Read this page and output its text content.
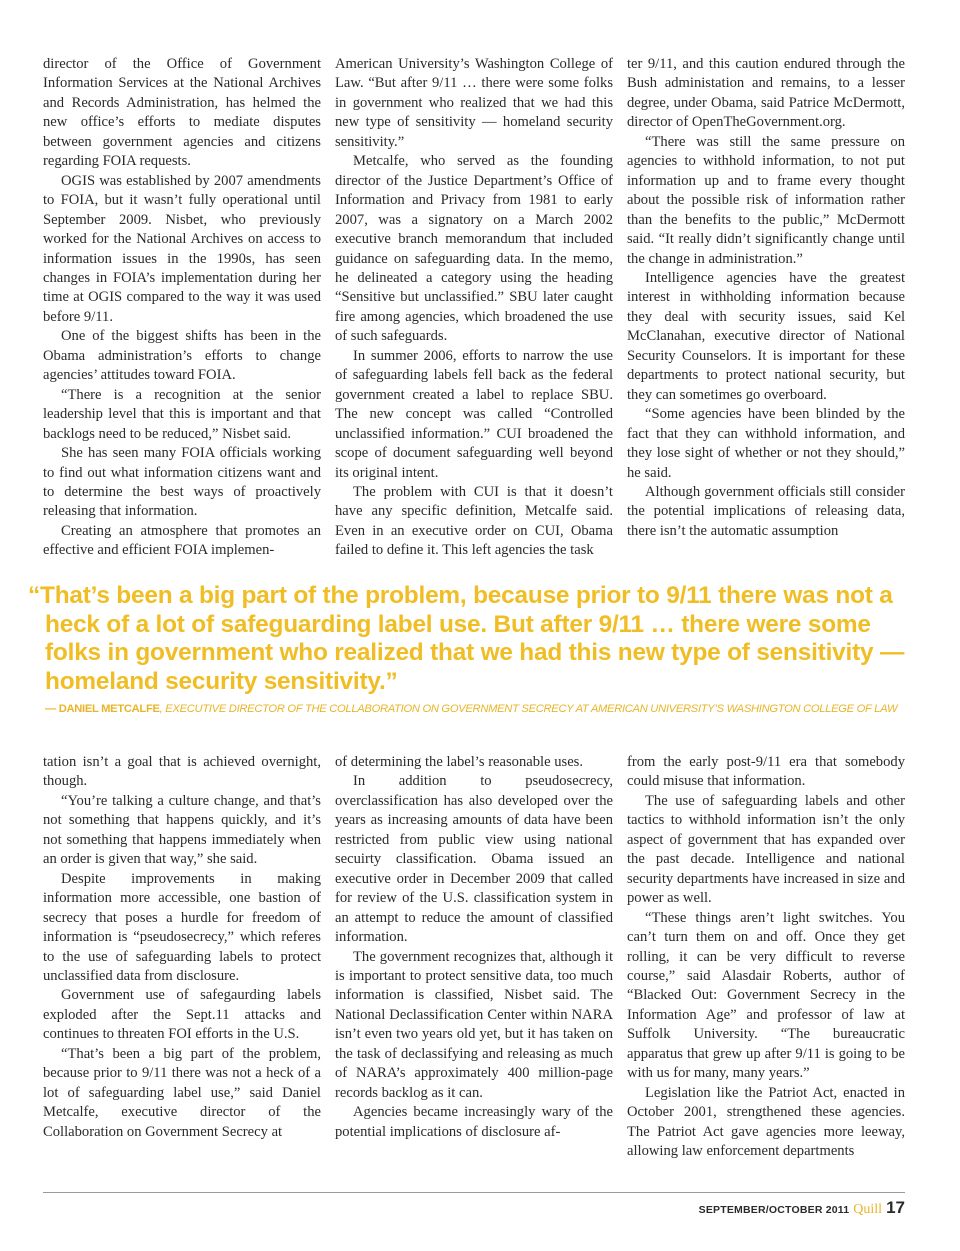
director of the Office of Government Information Services at the National Archives and Records Administration, has helmed the new office’s efforts to mediate disputes between government agencies and citizens regarding FOIA requests.

OGIS was established by 2007 amendments to FOIA, but it wasn’t fully operational until September 2009. Nisbet, who previously worked for the National Archives on access to information issues in the 1990s, has seen changes in FOIA’s implementation during her time at OGIS compared to the way it was used before 9/11.

One of the biggest shifts has been in the Obama administration’s efforts to change agencies’ attitudes toward FOIA.

“There is a recognition at the senior leadership level that this is important and that backlogs need to be reduced,” Nisbet said.

She has seen many FOIA officials working to find out what information citizens want and to determine the best ways of proactively releasing that information.

Creating an atmosphere that promotes an effective and efficient FOIA implemen-

American University’s Washington College of Law. “But after 9/11 … there were some folks in government who realized that we had this new type of sensitivity — homeland security sensitivity.”

Metcalfe, who served as the founding director of the Justice Department’s Office of Information and Privacy from 1981 to early 2007, was a signatory on a March 2002 executive branch memorandum that included guidance on safeguarding data. In the memo, he delineated a category using the heading “Sensitive but unclassified.” SBU later caught fire among agencies, which broadened the use of such safeguards.

In summer 2006, efforts to narrow the use of safeguarding labels fell back as the federal government created a label to replace SBU. The new concept was called “Controlled unclassified information.” CUI broadened the scope of document safeguarding well beyond its original intent.

The problem with CUI is that it doesn’t have any specific definition, Metcalfe said. Even in an executive order on CUI, Obama failed to define it. This left agencies the task

ter 9/11, and this caution endured through the Bush administation and remains, to a lesser degree, under Obama, said Patrice McDermott, director of OpenTheGovernment.org.

“There was still the same pressure on agencies to withhold information, to not put information up and to frame every thought about the possible risk of information rather than the benefits to the public,” McDermott said. “It really didn’t significantly change until the change in administration.”

Intelligence agencies have the greatest interest in withholding information because they deal with security issues, said Kel McClanahan, executive director of National Security Counselors. It is important for these departments to protect national security, but they can sometimes go overboard.

“Some agencies have been blinded by the fact that they can withhold information, and they lose sight of whether or not they should,” he said.

Although government officials still consider the potential implications of releasing data, there isn’t the automatic assumption

“That’s been a big part of the problem, because prior to 9/11 there was not a heck of a lot of safeguarding label use. But after 9/11 … there were some folks in government who realized that we had this new type of sensitivity — homeland security sensitivity.”

— DANIEL METCALFE, EXECUTIVE DIRECTOR OF THE COLLABORATION ON GOVERNMENT SECRECY AT AMERICAN UNIVERSITY’S WASHINGTON COLLEGE OF LAW

tation isn’t a goal that is achieved overnight, though.

“You’re talking a culture change, and that’s not something that happens quickly, and it’s not something that happens immediately when an order is given that way,” she said.

Despite improvements in making information more accessible, one bastion of secrecy that poses a hurdle for freedom of information is “pseudosecrecy,” which referes to the use of safeguarding labels to protect unclassified data from disclosure.

Government use of safegaurding labels exploded after the Sept.11 attacks and continues to threaten FOI efforts in the U.S.

“That’s been a big part of the problem, because prior to 9/11 there was not a heck of a lot of safeguarding label use,” said Daniel Metcalfe, executive director of the Collaboration on Government Secrecy at

of determining the label’s reasonable uses.

In addition to pseudosecrecy, overclassification has also developed over the years as increasing amounts of data have been restricted from public view using national secuirty classification. Obama issued an executive order in December 2009 that called for review of the U.S. classification system in an attempt to reduce the amount of classified information.

The government recognizes that, although it is important to protect sensitive data, too much information is classified, Nisbet said. The National Declassification Center within NARA isn’t even two years old yet, but it has taken on the task of declassifying and releasing as much of NARA’s approximately 400 million-page records backlog as it can.

Agencies became increasingly wary of the potential implications of disclosure af-

from the early post-9/11 era that somebody could misuse that information.

The use of safeguarding labels and other tactics to withhold information isn’t the only aspect of government that has expanded over the past decade. Intelligence and national security departments have increased in size and power as well.

“These things aren’t light switches. You can’t turn them on and off. Once they get rolling, it can be very difficult to reverse course,” said Alasdair Roberts, author of “Blacked Out: Government Secrecy in the Information Age” and professor of law at Suffolk University. “The bureaucratic apparatus that grew up after 9/11 is going to be with us for many, many years.”

Legislation like the Patriot Act, enacted in October 2001, strengthened these agencies. The Patriot Act gave agencies more leeway, allowing law enforcement departments

SEPTEMBER/OCTOBER 2011 Quill 17
